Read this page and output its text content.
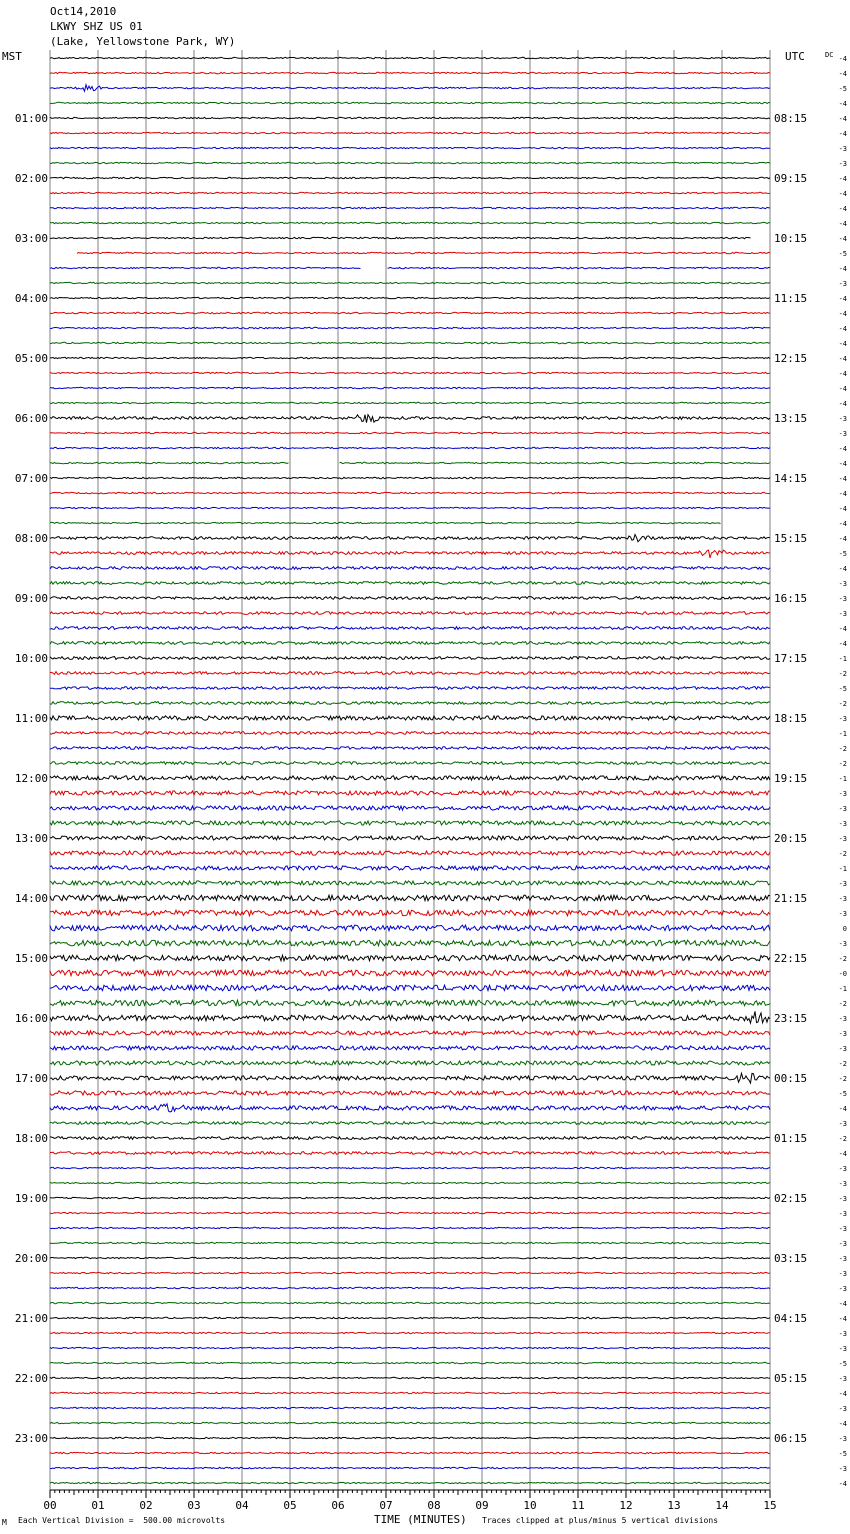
Oct14,2010
LKWY SHZ US 01
(Lake, Yellowstone Park, WY)
MST	UTC	-4
-4
-5
-4
-4
-4
-3
-3
-4
-4
-4
-4
-4
-5
-4
-3
-4
-4
-4
-4
-4
-4
-4
-4
-3
-3
-4
-4
-4
-4
-4
-4
-4
-5
-4
-3
-3
-3
-4
-4
-1
-2
-5
-2
-3
-1
-2
-2
-1
-3
-3
-3
-3
-2
-1
-3
-3
-3
0
-3
-2
-0
-1
-2
-3
-3
-3
-2
-2
-5
-4
-3
-2
-4
-3
-3
-3
-3
-3
-3
-3
-3
-3
-4
-4
-3
-3
-5
-3
-4
-3
-4
-3
-5
-3
-4
01:00
02:00
03:00
04:00
05:00
06:00
07:00
08:00
09:00
10:00
11:00
12:00
13:00
14:00
15:00
16:00
17:00
18:00
19:00
20:00
21:00
22:00
23:00
08:15
09:15
10:15
11:15
12:15
13:15
14:15
15:15
16:15
17:15
18:15
19:15
20:15
21:15
22:15
23:15
00:15
01:15
02:15
03:15
04:15
05:15
06:15
DC
00	01	02	03	04	05	06	07	08	09	10	11	12	13	14	15
M Each Vertical Division =  500.00 microvolts	TIME (MINUTES) Traces clipped at plus/minus 5 vertical divisions
